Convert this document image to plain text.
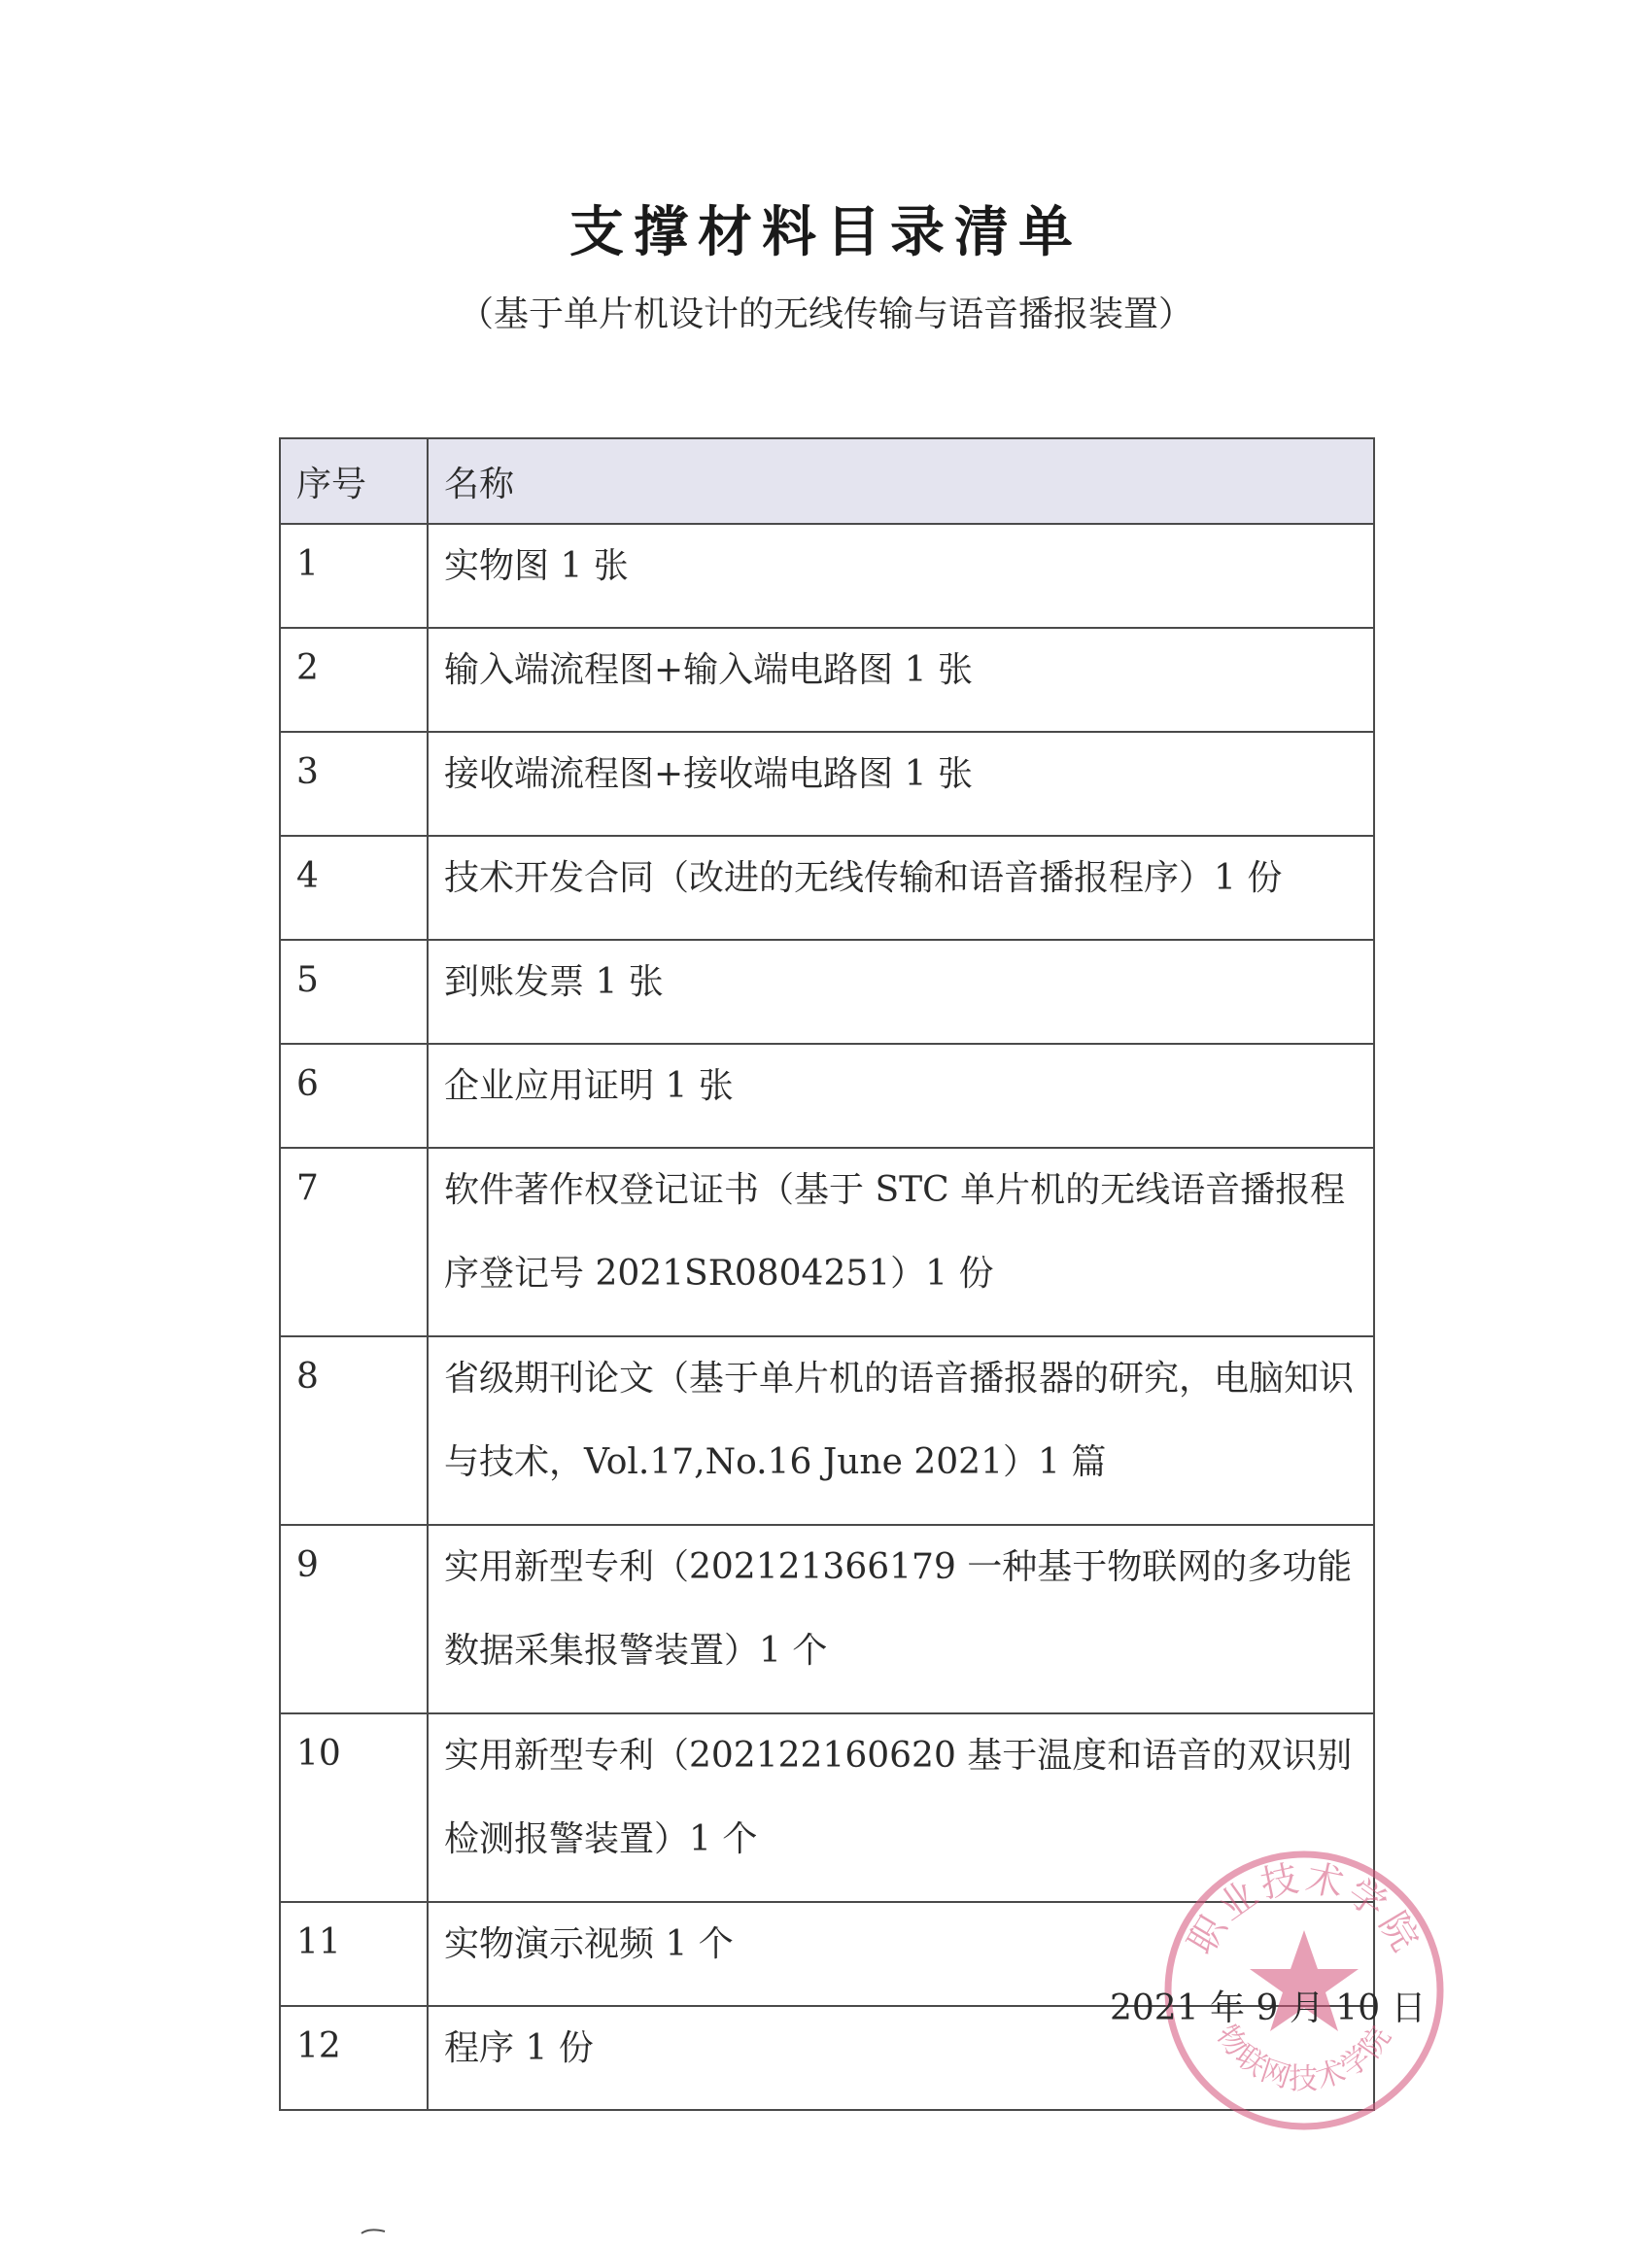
支撑材料目录清单
（基于单片机设计的无线传输与语音播报装置）
序号	名称
1	实物图 1 张
2	输入端流程图+输入端电路图 1 张
3	接收端流程图+接收端电路图 1 张
4	技术开发合同（改进的无线传输和语音播报程序）1 份
5	到账发票 1 张
6	企业应用证明 1 张
7	软件著作权登记证书（基于 STC 单片机的无线语音播报程序登记号 2021SR0804251）1 份
8	省级期刊论文（基于单片机的语音播报器的研究，电脑知识与技术，Vol.17,No.16 June 2021）1 篇
9	实用新型专利（202121366179 一种基于物联网的多功能数据采集报警装置）1 个
10	实用新型专利（202122160620 基于温度和语音的双识别检测报警装置）1 个
11	实物演示视频 1 个
12	程序 1 份
2021 年 9 月 10 日
职业技术学院
物联网技术学院
